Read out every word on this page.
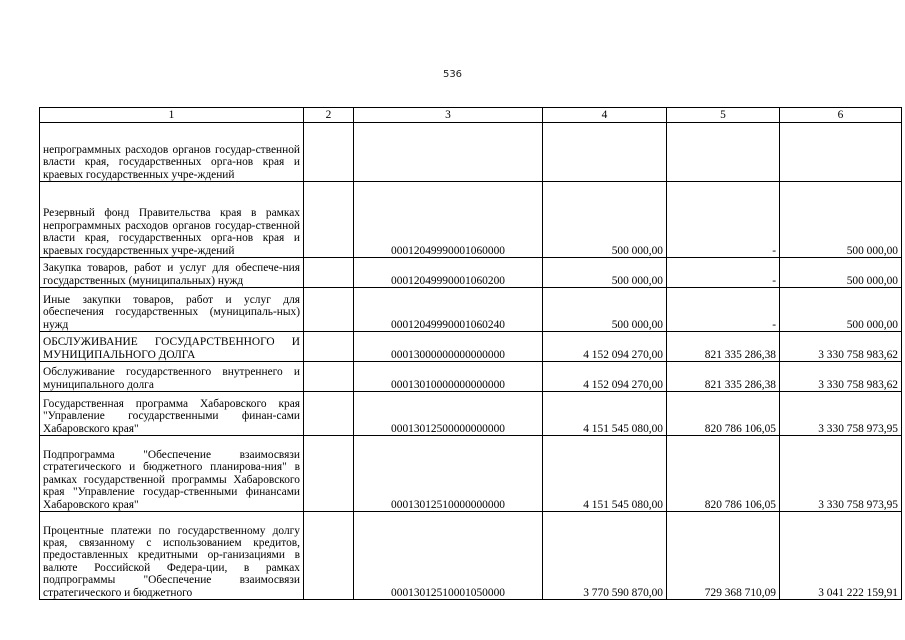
536
1	2	3	4	5	6
непрограммных расходов органов государ-ственной власти края, государственных орга-нов края и краевых государственных учре-ждений					
Резервный фонд Правительства края в рамках непрограммных расходов органов государ-ственной власти края, государственных орга-нов края и краевых государственных учре-ждений		00012049990001060000	500 000,00	-	500 000,00
Закупка товаров, работ и услуг для обеспече-ния государственных (муниципальных) нужд		00012049990001060200	500 000,00	-	500 000,00
Иные закупки товаров, работ и услуг для обеспечения государственных (муниципаль-ных) нужд		00012049990001060240	500 000,00	-	500 000,00
ОБСЛУЖИВАНИЕ ГОСУДАРСТВЕННОГО И МУНИЦИПАЛЬНОГО ДОЛГА		00013000000000000000	4 152 094 270,00	821 335 286,38	3 330 758 983,62
Обслуживание государственного внутреннего и муниципального долга		00013010000000000000	4 152 094 270,00	821 335 286,38	3 330 758 983,62
Государственная программа Хабаровского края "Управление государственными финан-сами Хабаровского края"		00013012500000000000	4 151 545 080,00	820 786 106,05	3 330 758 973,95
Подпрограмма "Обеспечение взаимосвязи стратегического и бюджетного планирова-ния" в рамках государственной программы Хабаровского края "Управление государ-ственными финансами Хабаровского края"		00013012510000000000	4 151 545 080,00	820 786 106,05	3 330 758 973,95
Процентные платежи по государственному долгу края, связанному с использованием кредитов, предоставленных кредитными ор-ганизациями в валюте Российской Федера-ции, в рамках подпрограммы "Обеспечение взаимосвязи стратегического и бюджетного		00013012510001050000	3 770 590 870,00	729 368 710,09	3 041 222 159,91
